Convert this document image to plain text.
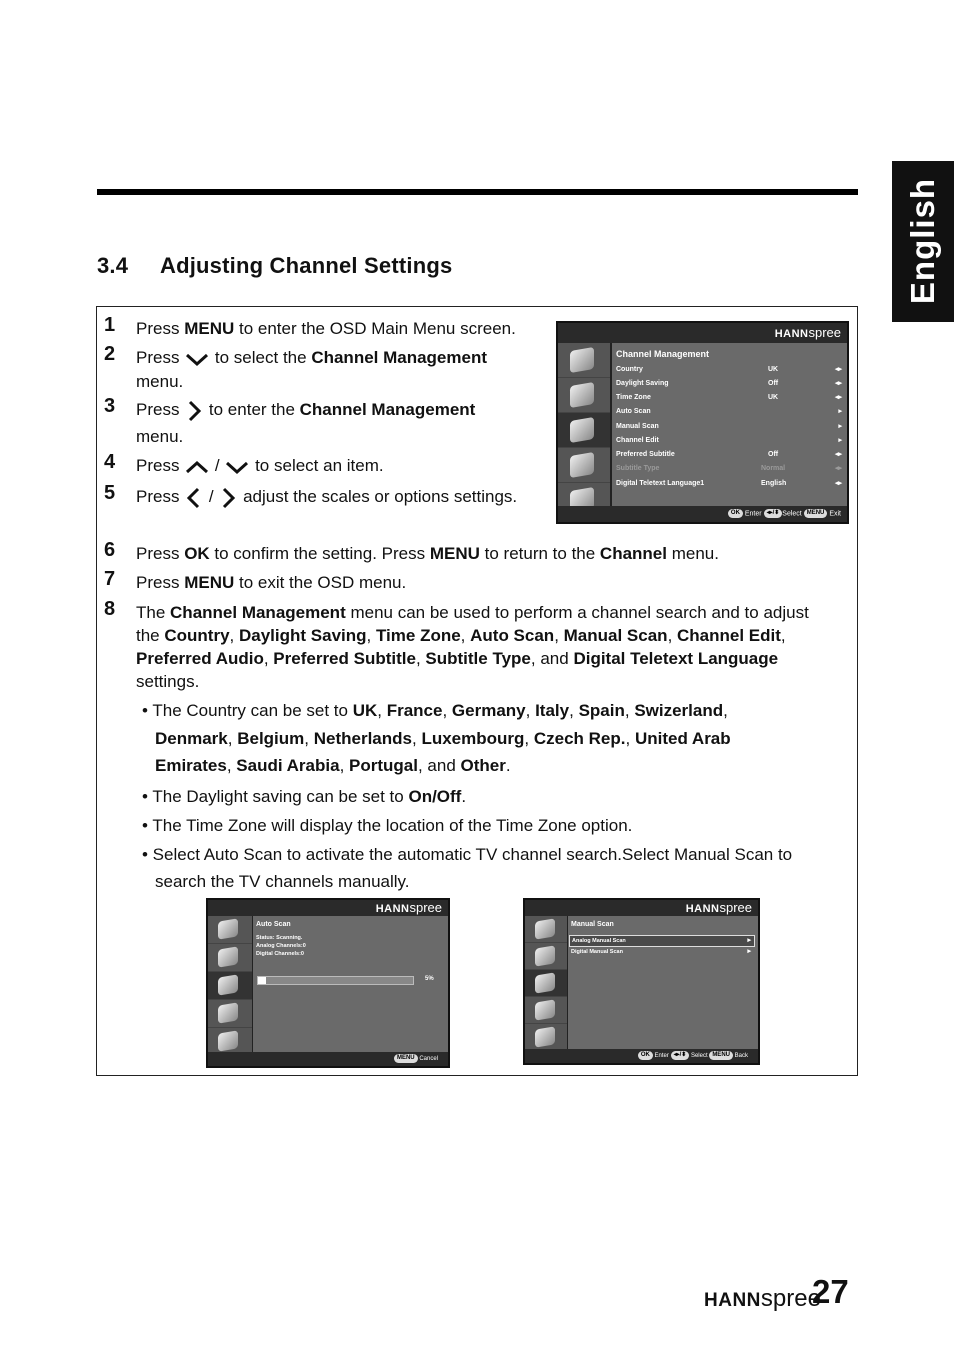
English
3.4 Adjusting Channel Settings
1 Press MENU to enter the OSD Main Menu screen.
2 Press
to select the Channel Management
menu.
3 Press
to enter the Channel Management
menu.
4 Press
/
to select an item.
5 Press
/
adjust the scales or options settings.
HANNspree
Channel Management
Country	UK	◂▸
Daylight Saving	Off	◂▸
Time Zone	UK	◂▸
Auto Scan	▸
Manual Scan	▸
Channel Edit	▸
Preferred Subtitle	Off	◂▸
Subtitle Type	Normal	◂▸
Digital Teletext Language1	English	◂▸
OK Enter ◂▸/⬍ Select MENU Exit
6 Press OK to confirm the setting. Press MENU to return to the Channel menu.
7 Press MENU to exit the OSD menu.
8 The Channel Management menu can be used to perform a channel search and to adjust
the Country, Daylight Saving, Time Zone, Auto Scan, Manual Scan, Channel Edit,
Preferred Audio, Preferred Subtitle, Subtitle Type, and Digital Teletext Language
settings.
• The Country can be set to UK, France, Germany, Italy, Spain, Swizerland,
Denmark, Belgium, Netherlands, Luxembourg, Czech Rep., United Arab
Emirates, Saudi Arabia, Portugal, and Other.
• The Daylight saving can be set to On/Off.
• The Time Zone will display the location of the Time Zone option.
• Select Auto Scan to activate the automatic TV channel search.Select Manual Scan to
search the TV channels manually.
HANNspree
Auto Scan
Status: Scanning.
Analog Channels:0
Digital Channels:0
5%
MENU Cancel
HANNspree
Manual Scan
Analog Manual Scan	▸
Digital Manual Scan	▸
OK Enter ◂▸/⬍ Select MENU Back
HANNspree
27
